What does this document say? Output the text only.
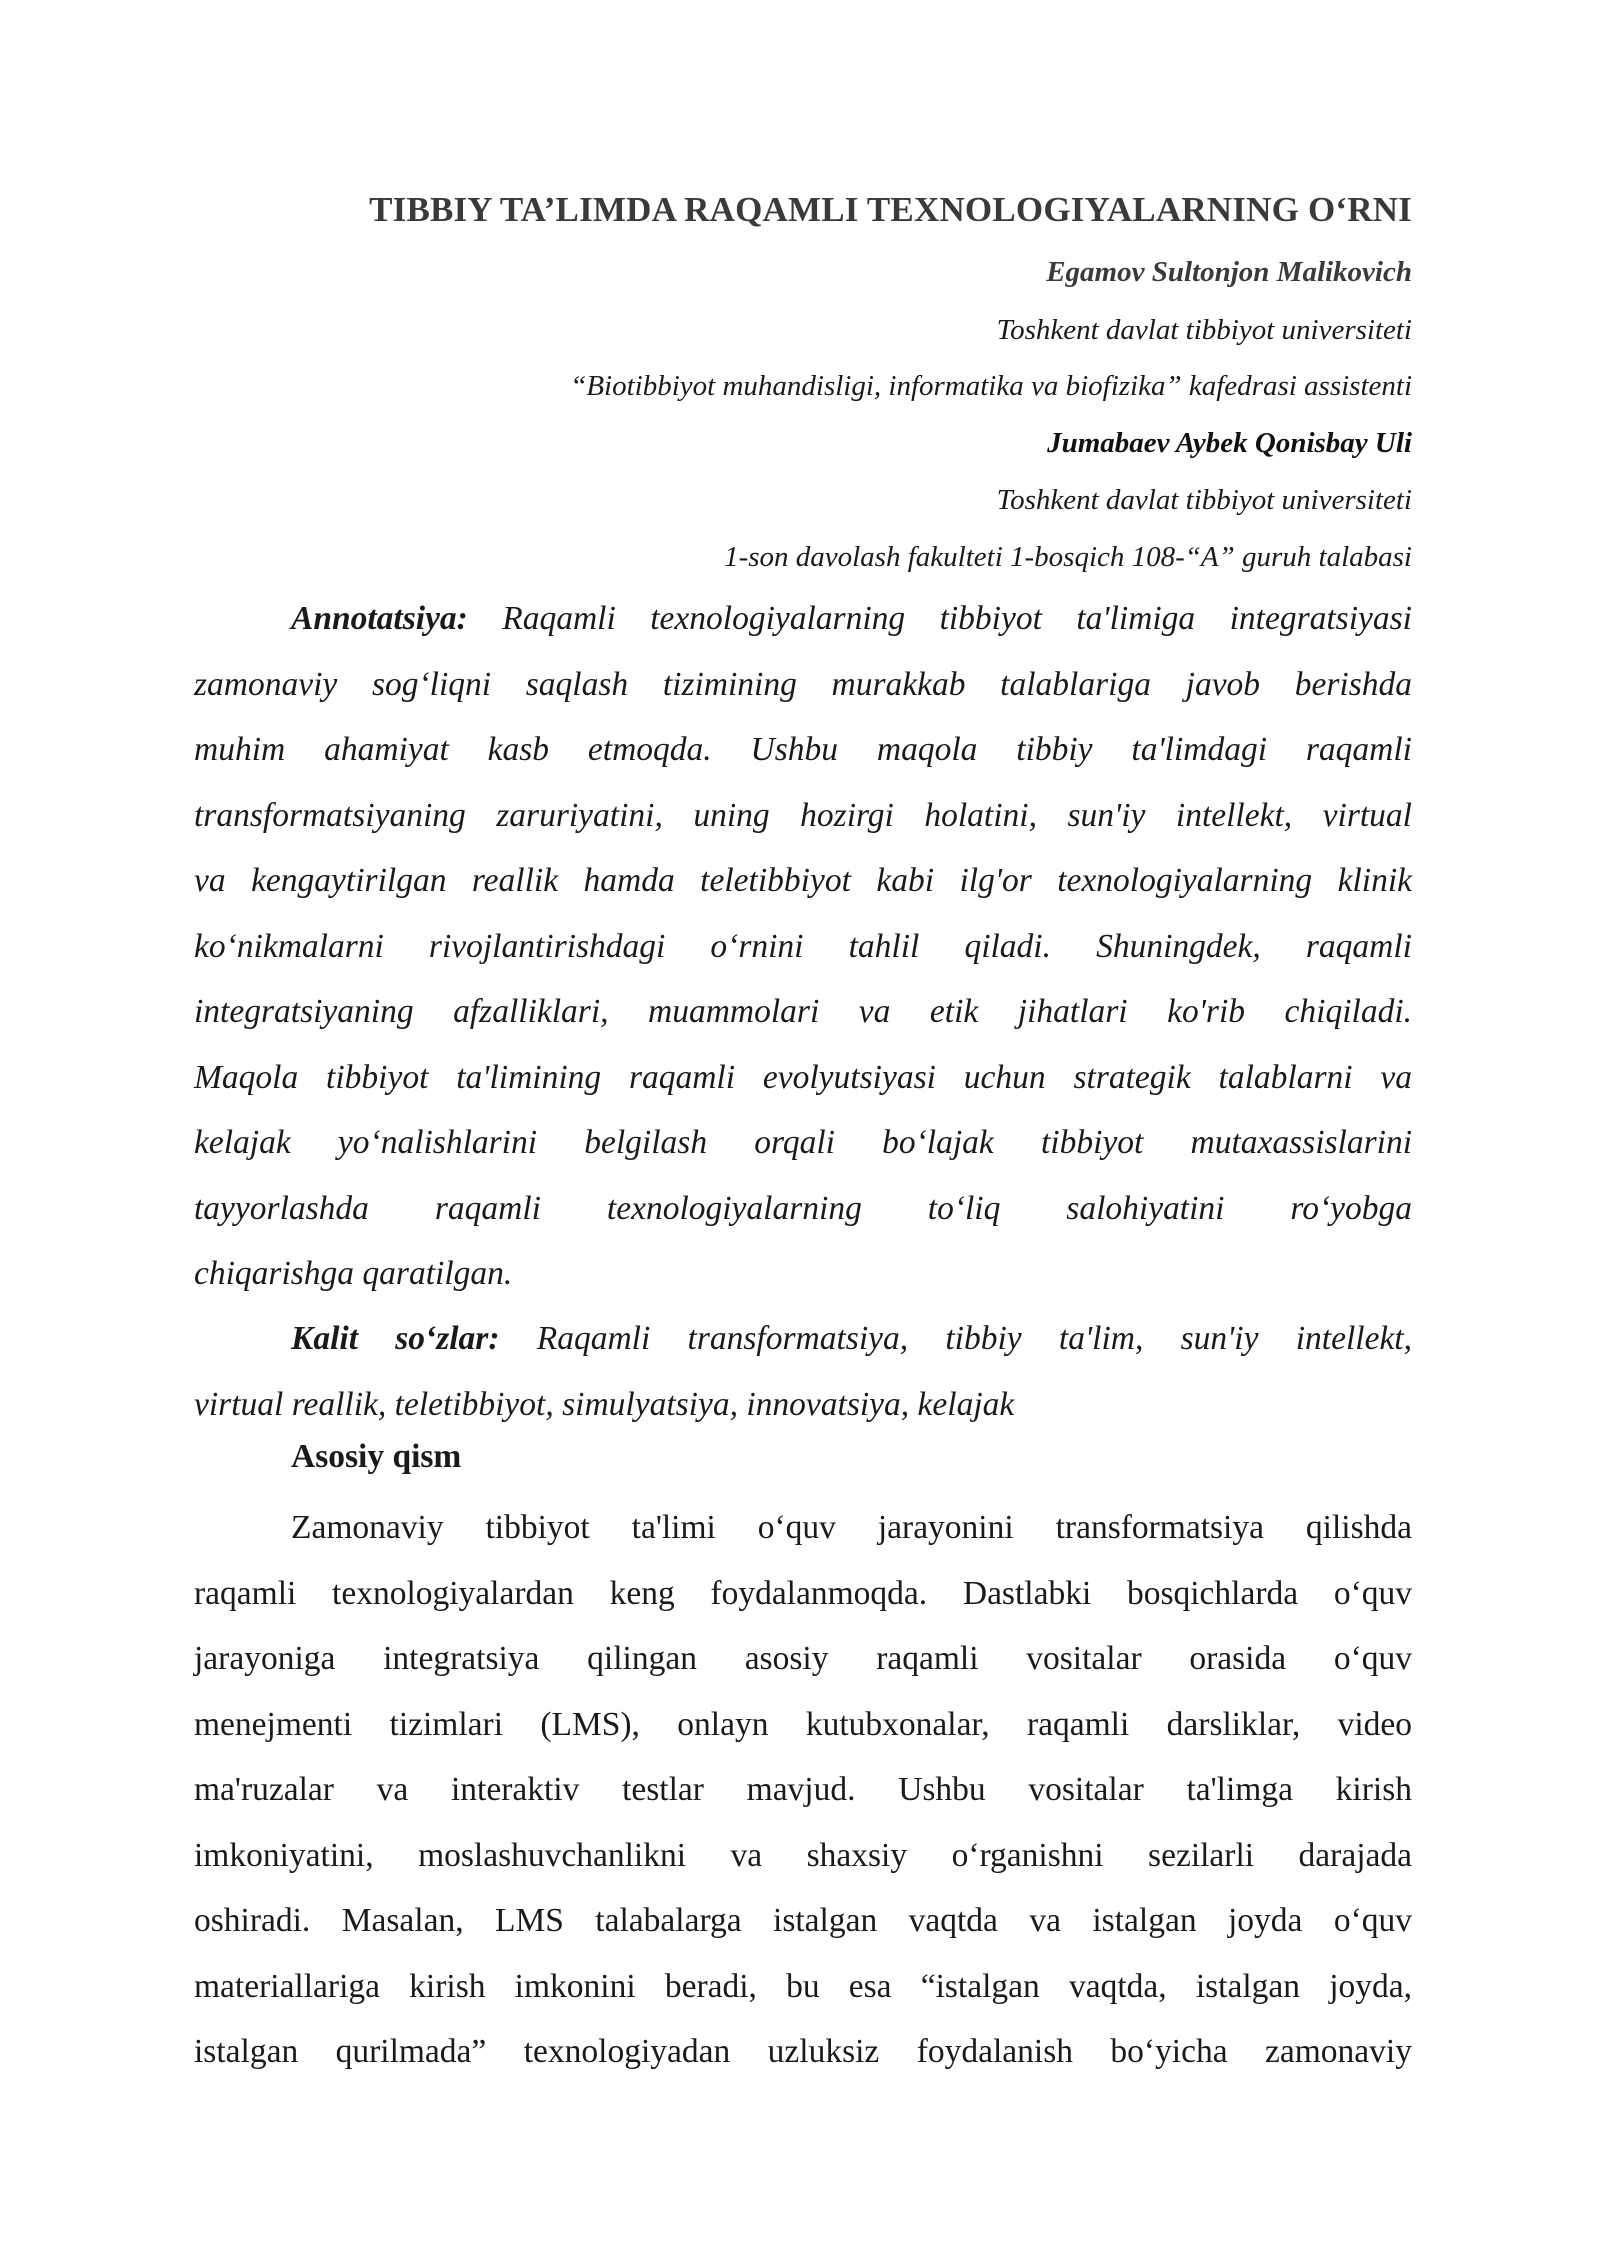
TIBBIY TA’LIMDA RAQAMLI TEXNOLOGIYALARNING O‘RNI
Egamov Sultonjon Malikovich
Toshkent davlat tibbiyot universiteti
“Biotibbiyot muhandisligi, informatika va biofizika” kafedrasi assistenti
Jumabaev Aybek Qonisbay Uli
Toshkent davlat tibbiyot universiteti
1-son davolash fakulteti 1-bosqich 108-“A” guruh talabasi
Annotatsiya: Raqamli texnologiyalarning tibbiyot ta'limiga integratsiyasi
zamonaviy sog‘liqni saqlash tizimining murakkab talablariga javob berishda
muhim ahamiyat kasb etmoqda. Ushbu maqola tibbiy ta'limdagi raqamli
transformatsiyaning zaruriyatini, uning hozirgi holatini, sun'iy intellekt, virtual
va kengaytirilgan reallik hamda teletibbiyot kabi ilg'or texnologiyalarning klinik
ko‘nikmalarni rivojlantirishdagi o‘rnini tahlil qiladi. Shuningdek, raqamli
integratsiyaning afzalliklari, muammolari va etik jihatlari ko'rib chiqiladi.
Maqola tibbiyot ta'limining raqamli evolyutsiyasi uchun strategik talablarni va
kelajak yo‘nalishlarini belgilash orqali bo‘lajak tibbiyot mutaxassislarini
tayyorlashda raqamli texnologiyalarning to‘liq salohiyatini ro‘yobga
chiqarishga qaratilgan.
Kalit so‘zlar: Raqamli transformatsiya, tibbiy ta'lim, sun'iy intellekt,
virtual reallik, teletibbiyot, simulyatsiya, innovatsiya, kelajak
Asosiy qism
Zamonaviy tibbiyot ta'limi o‘quv jarayonini transformatsiya qilishda
raqamli texnologiyalardan keng foydalanmoqda. Dastlabki bosqichlarda o‘quv
jarayoniga integratsiya qilingan asosiy raqamli vositalar orasida o‘quv
menejmenti tizimlari (LMS), onlayn kutubxonalar, raqamli darsliklar, video
ma'ruzalar va interaktiv testlar mavjud. Ushbu vositalar ta'limga kirish
imkoniyatini, moslashuvchanlikni va shaxsiy o‘rganishni sezilarli darajada
oshiradi. Masalan, LMS talabalarga istalgan vaqtda va istalgan joyda o‘quv
materiallariga kirish imkonini beradi, bu esa “istalgan vaqtda, istalgan joyda,
istalgan qurilmada” texnologiyadan uzluksiz foydalanish bo‘yicha zamonaviy
